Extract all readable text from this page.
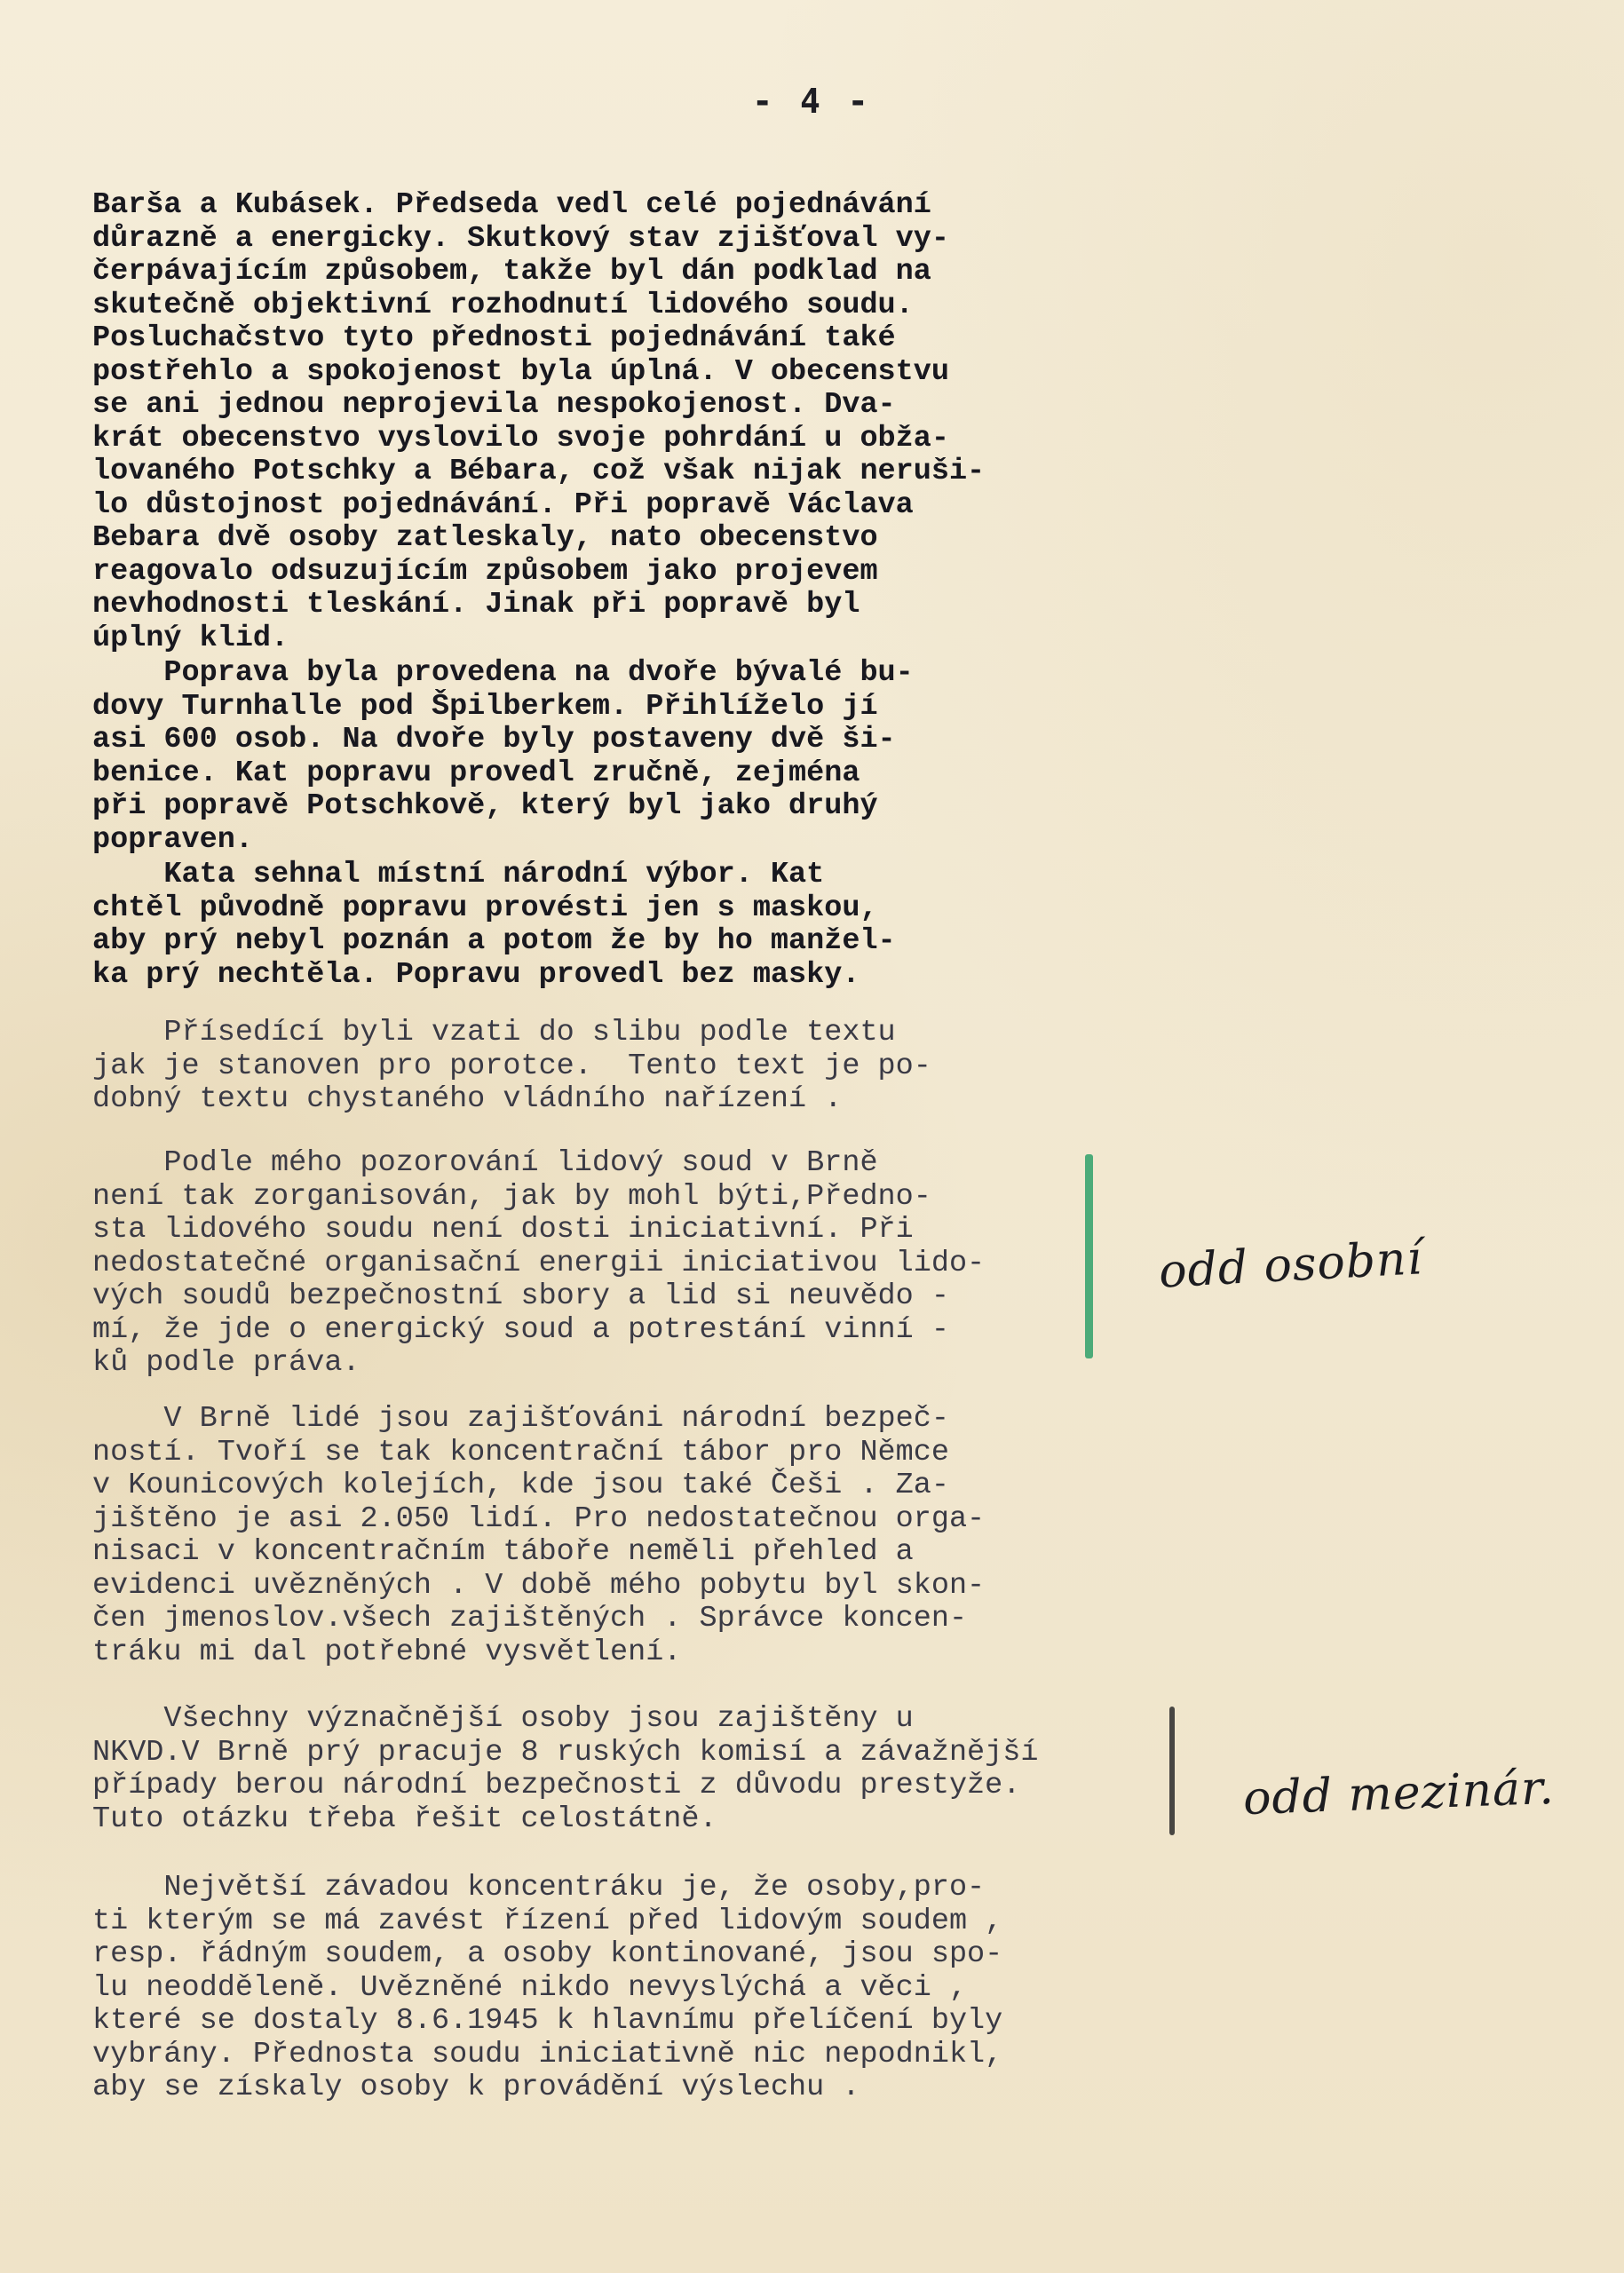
- 4 -
Barša a Kubásek. Předseda vedl celé pojednávání
důrazně a energicky. Skutkový stav zjišťoval vy-
čerpávajícím způsobem, takže byl dán podklad na
skutečně objektivní rozhodnutí lidového soudu.
Posluchačstvo tyto přednosti pojednávání také
postřehlo a spokojenost byla úplná. V obecenstvu
se ani jednou neprojevila nespokojenost. Dva-
krát obecenstvo vyslovilo svoje pohrdání u obža-
lovaného Potschky a Bébara, což však nijak neruši-
lo důstojnost pojednávání. Při popravě Václava
Bebara dvě osoby zatleskaly, nato obecenstvo
reagovalo odsuzujícím způsobem jako projevem
nevhodnosti tleskání. Jinak při popravě byl
úplný klid.
Poprava byla provedena na dvoře bývalé bu-
dovy Turnhalle pod Špilberkem. Přihlíželo jí
asi 600 osob. Na dvoře byly postaveny dvě ši-
benice. Kat popravu provedl zručně, zejména
při popravě Potschkově, který byl jako druhý
popraven.
Kata sehnal místní národní výbor. Kat
chtěl původně popravu provésti jen s maskou,
aby prý nebyl poznán a potom že by ho manžel-
ka prý nechtěla. Popravu provedl bez masky.
Přísedící byli vzati do slibu podle textu
jak je stanoven pro porotce.  Tento text je po-
dobný textu chystaného vládního nařízení .
Podle mého pozorování lidový soud v Brně
není tak zorganisován, jak by mohl býti,Předno-
sta lidového soudu není dosti iniciativní. Při
nedostatečné organisační energii iniciativou lido-
vých soudů bezpečnostní sbory a lid si neuvědo -
mí, že jde o energický soud a potrestání vinní -
ků podle práva.
V Brně lidé jsou zajišťováni národní bezpeč-
ností. Tvoří se tak koncentrační tábor pro Němce
v Kounicových kolejích, kde jsou také Češi . Za-
jištěno je asi 2.050 lidí. Pro nedostatečnou orga-
nisaci v koncentračním táboře neměli přehled a
evidenci uvězněných . V době mého pobytu byl skon-
čen jmenoslov.všech zajištěných . Správce koncen-
tráku mi dal potřebné vysvětlení.
Všechny význačnější osoby jsou zajištěny u
NKVD.V Brně prý pracuje 8 ruských komisí a závažnější
případy berou národní bezpečnosti z důvodu prestyže.
Tuto otázku třeba řešit celostátně.
Největší závadou koncentráku je, že osoby,pro-
ti kterým se má zavést řízení před lidovým soudem ,
resp. řádným soudem, a osoby kontinované, jsou spo-
lu neodděleně. Uvězněné nikdo nevyslýchá a věci ,
které se dostaly 8.6.1945 k hlavnímu přelíčení byly
vybrány. Přednosta soudu iniciativně nic nepodnikl,
aby se získaly osoby k provádění výslechu .
odd osobní
odd mezinár.
